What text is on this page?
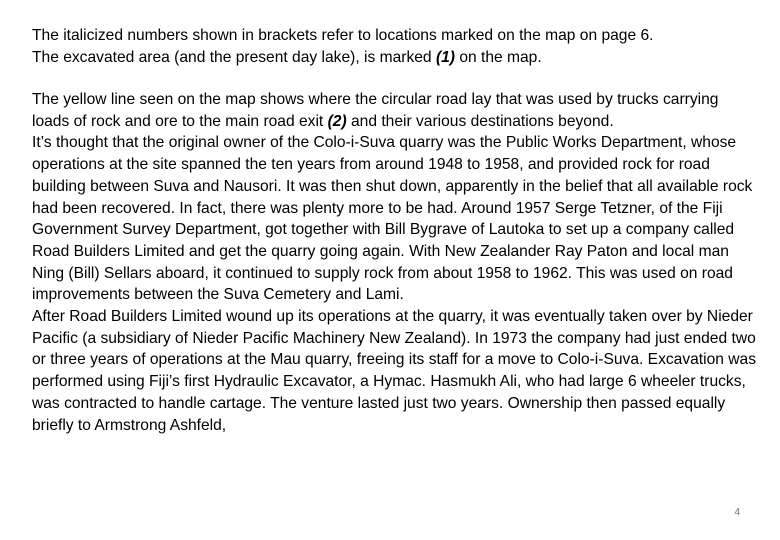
The italicized numbers shown in brackets refer to locations marked on the map on page 6.

The excavated area (and the present day lake), is marked (1) on the map.

The yellow line seen on the map shows where the circular road lay that was used by trucks carrying loads of rock and ore to the main road exit (2) and their various destinations beyond.

It’s thought that the original owner of the Colo-i-Suva quarry was the Public Works Department, whose operations at the site spanned the ten years from around 1948 to 1958, and provided rock for road building between Suva and Nausori. It was then shut down, apparently in the belief that all available rock had been recovered. In fact, there was plenty more to be had. Around 1957 Serge Tetzner, of the Fiji Government Survey Department, got together with Bill Bygrave of Lautoka to set up a company called Road Builders Limited and get the quarry going again. With New Zealander Ray Paton and local man Ning (Bill) Sellars aboard, it continued to supply rock from about 1958 to 1962. This was used on road improvements between the Suva Cemetery and Lami.

After Road Builders Limited wound up its operations at the quarry, it was eventually taken over by Nieder Pacific (a subsidiary of Nieder Pacific Machinery New Zealand). In 1973 the company had just ended two or three years of operations at the Mau quarry, freeing its staff for a move to Colo-i-Suva. Excavation was performed using Fiji’s first Hydraulic Excavator, a Hymac. Hasmukh Ali, who had large 6 wheeler trucks, was contracted to handle cartage. The venture lasted just two years. Ownership then passed equally briefly to Armstrong Ashfeld,

4
